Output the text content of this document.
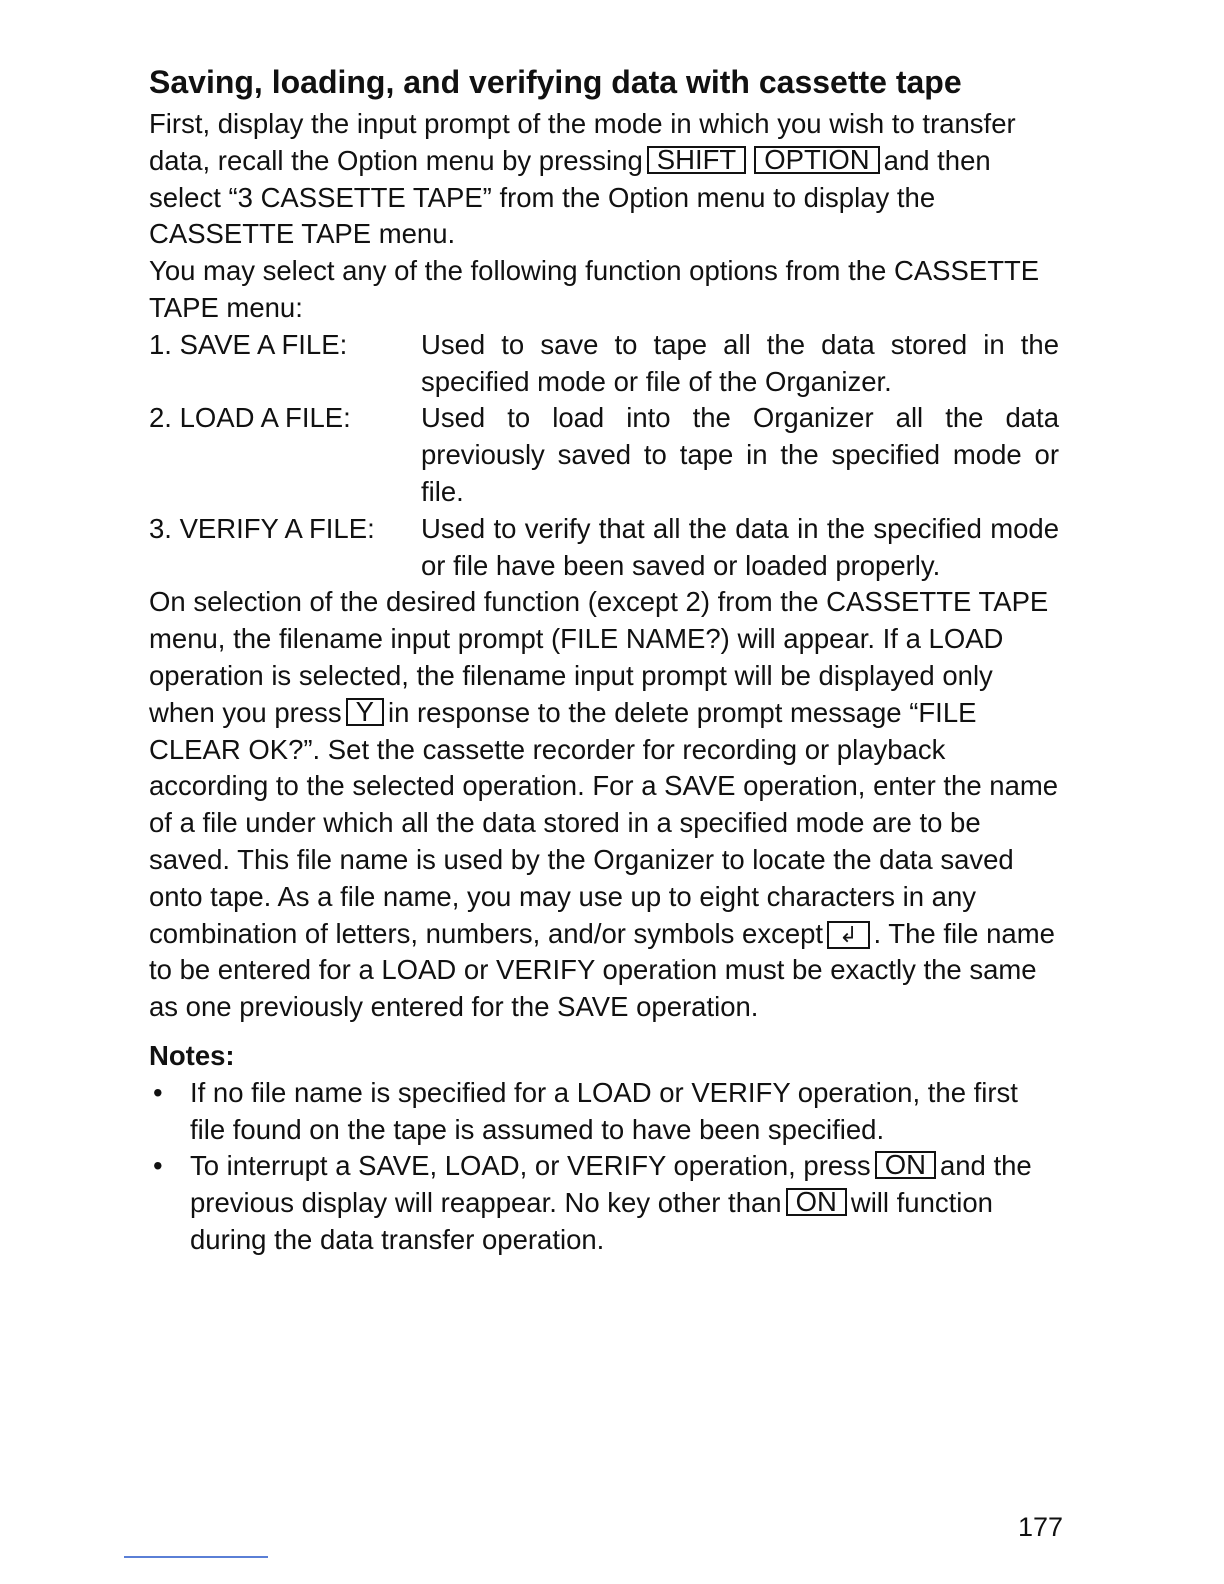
Saving, loading, and verifying data with cassette tape

First, display the input prompt of the mode in which you wish to transfer data, recall the Option menu by pressing SHIFT OPTION and then select “3 CASSETTE TAPE” from the Option menu to display the CASSETTE TAPE menu.

You may select any of the following function options from the CASSETTE TAPE menu:

1. SAVE A FILE:	Used to save to tape all the data stored in the specified mode or file of the Organizer.
2. LOAD A FILE:	Used to load into the Organizer all the data previously saved to tape in the specified mode or file.
3. VERIFY A FILE:	Used to verify that all the data in the specified mode or file have been saved or loaded properly.

On selection of the desired function (except 2) from the CASSETTE TAPE menu, the filename input prompt (FILE NAME?) will appear. If a LOAD operation is selected, the filename input prompt will be displayed only when you press Y in response to the delete prompt message “FILE CLEAR OK?”. Set the cassette recorder for recording or playback according to the selected operation. For a SAVE operation, enter the name of a file under which all the data stored in a specified mode are to be saved. This file name is used by the Organizer to locate the data saved onto tape. As a file name, you may use up to eight characters in any combination of letters, numbers, and/or symbols except ↲ . The file name to be entered for a LOAD or VERIFY operation must be exactly the same as one previously entered for the SAVE operation.

Notes:

• If no file name is specified for a LOAD or VERIFY operation, the first file found on the tape is assumed to have been specified.
• To interrupt a SAVE, LOAD, or VERIFY operation, press ON and the previous display will reappear. No key other than ON will function during the data transfer operation.
177
